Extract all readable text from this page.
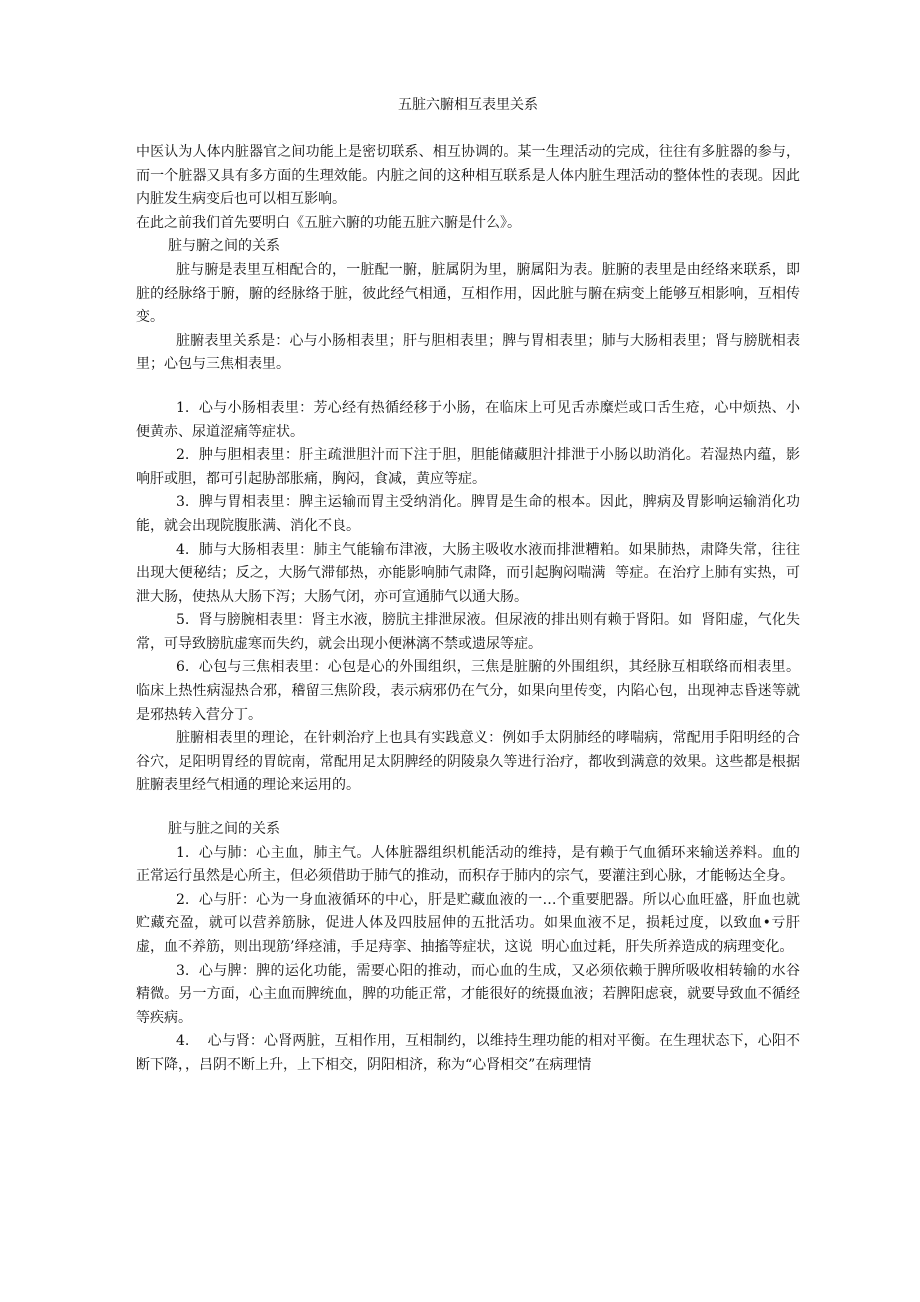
五脏六腑相互表里关系

中医认为人体内脏器官之间功能上是密切联系、相互协调的。某一生理活动的完成，往往有多脏器的参与，而一个脏器又具有多方面的生理效能。内脏之间的这种相互联系是人体内脏生理活动的整体性的表现。因此内脏发生病变后也可以相互影响。

在此之前我们首先要明白《五脏六腑的功能五脏六腑是什么》。

脏与腑之间的关系

脏与腑是表里互相配合的，一脏配一腑，脏属阴为里，腑属阳为表。脏腑的表里是由经络来联系，即脏的经脉络于腑，腑的经脉络于脏，彼此经气相通，互相作用，因此脏与腑在病变上能够互相影响，互相传变。

脏腑表里关系是：心与小肠相表里；肝与胆相表里；脾与胃相表里；肺与大肠相表里；肾与膀胱相表里；心包与三焦相表里。

1.  心与小肠相表里：芳心经有热循经移于小肠，在临床上可见舌赤糜烂或口舌生疮，心中烦热、小便黄赤、尿道涩痛等症状。

2.  肿与胆相表里：肝主疏泄胆汁而下注于胆，胆能储藏胆汁排泄于小肠以助消化。若湿热内蕴，影响肝或胆，都可引起胁部胀痛，胸闷，食减，黄应等症。

3.  脾与胃相表里：脾主运输而胃主受纳消化。脾胃是生命的根本。因此，脾病及胃影响运输消化功能，就会出现院腹胀满、消化不良。

4.  肺与大肠相表里：肺主气能输布津液，大肠主吸收水液而排泄糟粕。如果肺热，肃降失常，往往出现大便秘结；反之，大肠气滞郁热，亦能影响肺气肃降，而引起胸闷喘满  等症。在治疗上肺有实热，可泄大肠，使热从大肠下泻；大肠气闭，亦可宣通肺气以通大肠。

5.  肾与膀腕相表里：肾主水液，膀肮主排泄尿液。但尿液的排出则有赖于肾阳。如  肾阳虚，气化失常，可导致膀肮虚寒而失约，就会出现小便淋漓不禁或遗尿等症。

6.  心包与三焦相表里：心包是心的外围组织，三焦是脏腑的外围组织，其经脉互相联络而相表里。临床上热性病湿热合邪，稽留三焦阶段，表示病邪仍在气分，如果向里传变，内陷心包，出现神志昏迷等就是邪热转入营分丁。

脏腑相表里的理论，在针刺治疗上也具有实践意义：例如手太阴肺经的哮喘病，常配用手阳明经的合谷穴，足阳明胃经的胃皖南，常配用足太阴脾经的阴陵泉久等进行治疗，都收到满意的效果。这些都是根据脏腑表里经气相通的理论来运用的。

脏与脏之间的关系

1.  心与肺：心主血，肺主气。人体脏器组织机能活动的维持，是有赖于气血循环来输送养料。血的正常运行虽然是心所主，但必须借助于肺气的推动，而积存于肺内的宗气，要灌注到心脉，才能畅达全身。

2.  心与肝：心为一身血液循环的中心，肝是贮藏血液的一…个重要肥器。所以心血旺盛，肝血也就贮藏充盈，就可以营养筋脉，促进人体及四肢屈伸的五批活功。如果血液不足，损耗过度，以致血•亏肝虚，血不养筋，则出现筋’绎痉浦，手足痔挛、抽搐等症状，这说  明心血过耗，肝失所养造成的病理变化。

3.  心与脾：脾的运化功能，需要心阳的推动，而心血的生成，又必须依赖于脾所吸收相转输的水谷精微。另一方面，心主血而脾统血，脾的功能正常，才能很好的统摄血液；若脾阳虑衰，就要导致血不循经等疾病。

4.    心与肾：心肾两脏，互相作用，互相制约，以维持生理功能的相对平衡。在生理状态下，心阳不断下降，，吕阴不断上升，上下相交，阴阳相济，称为“心肾相交”在病理情
